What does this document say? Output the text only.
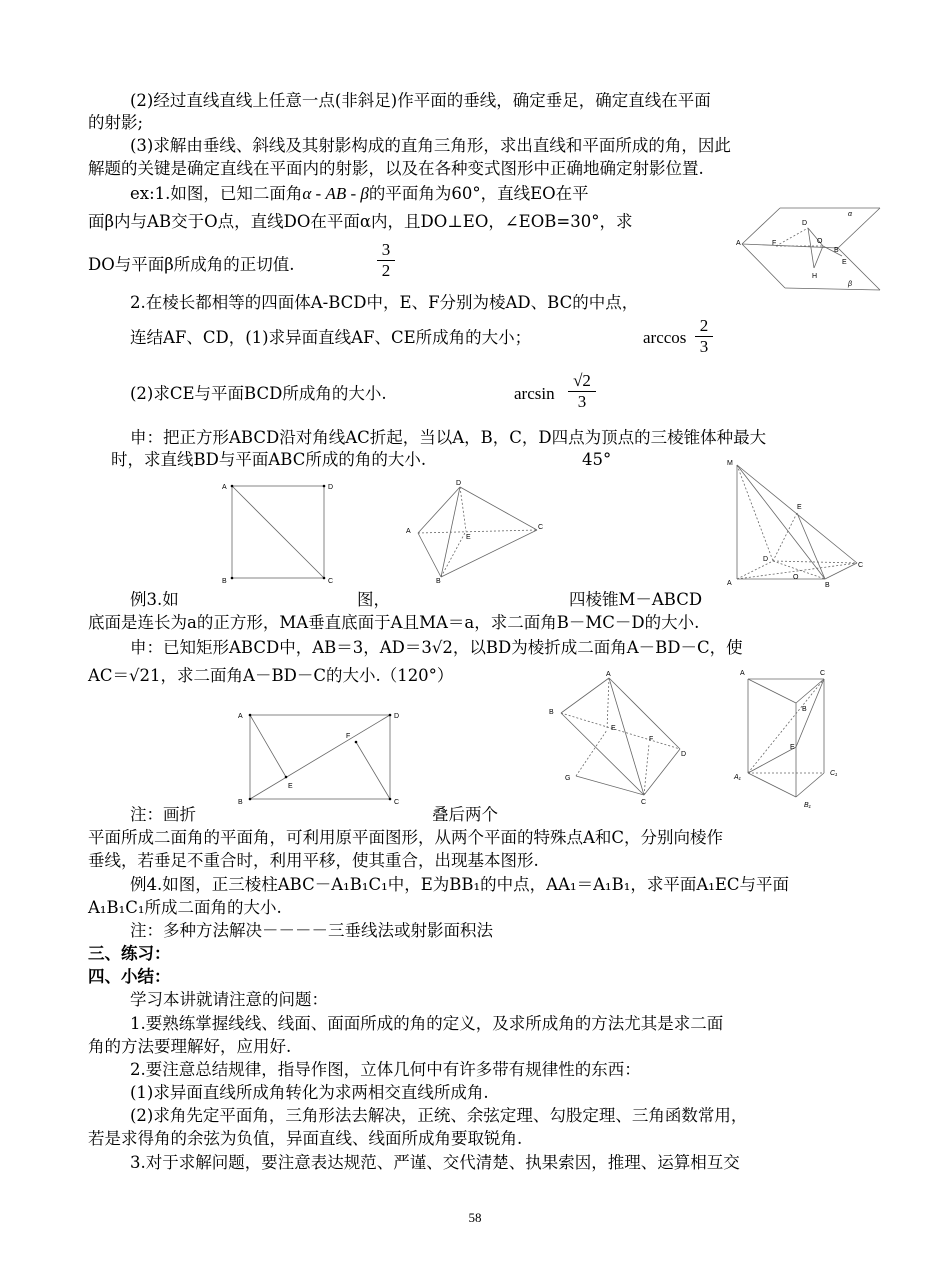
(2)经过直线直线上任意一点(非斜足)作平面的垂线，确定垂足，确定直线在平面
的射影;
(3)求解由垂线、斜线及其射影构成的直角三角形，求出直线和平面所成的角，因此
解题的关键是确定直线在平面内的射影，以及在各种变式图形中正确地确定射影位置.
ex:1.如图，已知二面角α - AB - β的平面角为60°，直线EO在平
面β内与AB交于O点，直线DO在平面α内，且DO⊥EO，∠EOB=30°，求
DO与平面β所成角的正切值.	$\frac{3}{2}$
2.在棱长都相等的四面体A-BCD中，E、F分别为棱AD、BC的中点，
连结AF、CD，(1)求异面直线AF、CE所成角的大小；	$\arccos \frac{2}{3}$
(2)求CE与平面BCD所成角的大小.	$\arcsin \frac{√2}{3}$
申：把正方形ABCD沿对角线AC折起，当以A，B，C，D四点为顶点的三棱锥体种最大
时，求直线BD与平面ABC所成的角的大小.	45°
例3.如	图，	四棱锥M－ABCD
底面是连长为a的正方形，MA垂直底面于A且MA＝a，求二面角B－MC－D的大小.
申：已知矩形ABCD中，AB＝3，AD＝3√2，以BD为棱折成二面角A－BD－C，使
AC＝√21，求二面角A－BD－C的大小.（120°）
注：画折	叠后两个
平面所成二面角的平面角，可利用原平面图形，从两个平面的特殊点A和C，分别向棱作
垂线，若垂足不重合时，利用平移，使其重合，出现基本图形.
例4.如图，正三棱柱ABC－A₁B₁C₁中，E为BB₁的中点，AA₁＝A₁B₁，求平面A₁EC与平面
A₁B₁C₁所成二面角的大小.
注：多种方法解决－－－－三垂线法或射影面积法
三、练习：
四、小结：
学习本讲就请注意的问题：
1.要熟练掌握线线、线面、面面所成的角的定义，及求所成角的方法尤其是求二面
角的方法要理解好，应用好.
2.要注意总结规律，指导作图，立体几何中有许多带有规律性的东西：
(1)求异面直线所成角转化为求两相交直线所成角.
(2)求角先定平面角，三角形法去解决，正统、余弦定理、勾股定理、三角函数常用，
若是求得角的余弦为负值，异面直线、线面所成角要取锐角.
3.对于求解问题，要注意表达规范、严谨、交代清楚、执果索因，推理、运算相互交
58
α
β
A	F
D
O
B
E
H
A	D
B	C
D
A
C
E
B
M
E
D
O
C
A	B
A	D
F
E
B	C
A
B
E
F
D
G
C
A	C
B
E
A₁
C₁
B₁
